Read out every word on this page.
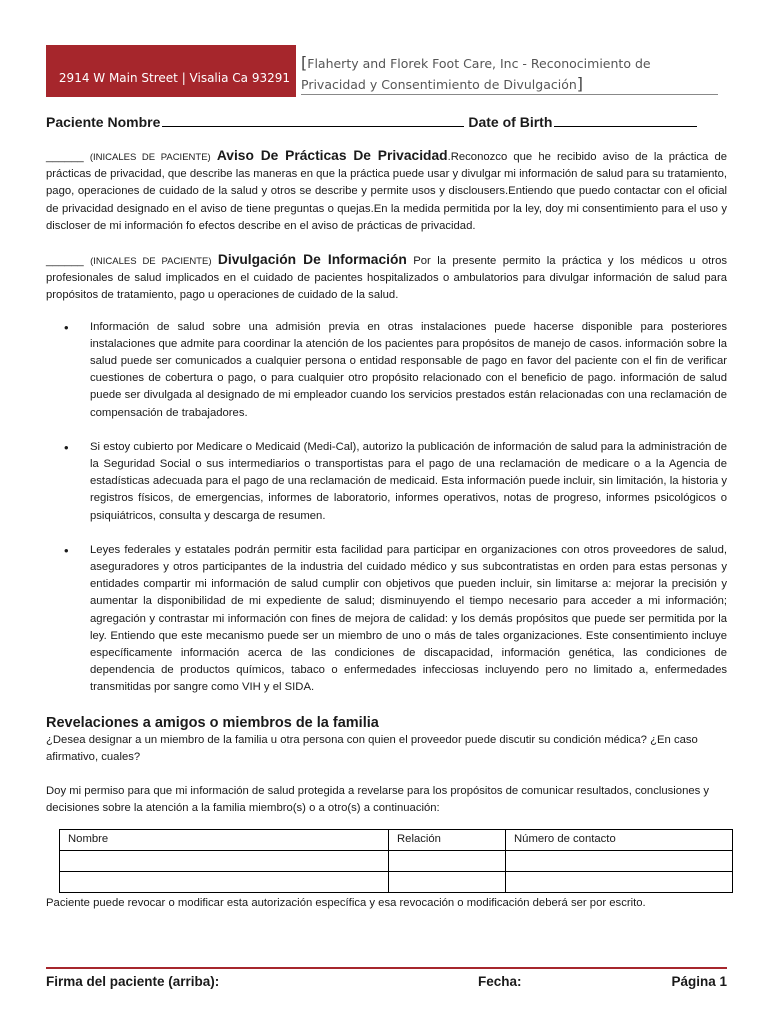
2914 W Main Street | Visalia Ca 93291
[Flaherty and Florek Foot Care, Inc - Reconocimiento de
Privacidad y Consentimiento de Divulgación]
Paciente Nombre	Date of Birth

______ (INICALES DE PACIENTE) Aviso De Prácticas De Privacidad.Reconozco que he recibido aviso de la práctica de prácticas de privacidad, que describe las maneras en que la práctica puede usar y divulgar mi información de salud para su tratamiento, pago, operaciones de cuidado de la salud y otros se describe y permite usos y disclousers.Entiendo que puedo contactar con el oficial de privacidad designado en el aviso de tiene preguntas o quejas.En la medida permitida por la ley, doy mi consentimiento para el uso y discloser de mi información fo efectos describe en el aviso de prácticas de privacidad.

______ (INICALES DE PACIENTE) Divulgación De Información Por la presente permito la práctica y los médicos u otros profesionales de salud implicados en el cuidado de pacientes hospitalizados o ambulatorios para divulgar información de salud para propósitos de tratamiento, pago u operaciones de cuidado de la salud.

•	Información de salud sobre una admisión previa en otras instalaciones puede hacerse disponible para posteriores instalaciones que admite para coordinar la atención de los pacientes para propósitos de manejo de casos. información sobre la salud puede ser comunicados a cualquier persona o entidad responsable de pago en favor del paciente con el fin de verificar cuestiones de cobertura o pago, o para cualquier otro propósito relacionado con el beneficio de pago. información de salud puede ser divulgada al designado de mi empleador cuando los servicios prestados están relacionadas con una reclamación de compensación de trabajadores.
•	Si estoy cubierto por Medicare o Medicaid (Medi-Cal), autorizo la publicación de información de salud para la administración de la Seguridad Social o sus intermediarios o transportistas para el pago de una reclamación de medicare o a la Agencia de estadísticas adecuada para el pago de una reclamación de medicaid. Esta información puede incluir, sin limitación, la historia y registros físicos, de emergencias, informes de laboratorio, informes operativos, notas de progreso, informes psicológicos o psiquiátricos, consulta y descarga de resumen.
•	Leyes federales y estatales podrán permitir esta facilidad para participar en organizaciones con otros proveedores de salud, aseguradores y otros participantes de la industria del cuidado médico y sus subcontratistas en orden para estas personas y entidades compartir mi información de salud cumplir con objetivos que pueden incluir, sin limitarse a: mejorar la precisión y aumentar la disponibilidad de mi expediente de salud; disminuyendo el tiempo necesario para acceder a mi información; agregación y contrastar mi información con fines de mejora de calidad: y los demás propósitos que puede ser permitida por la ley. Entiendo que este mecanismo puede ser un miembro de uno o más de tales organizaciones. Este consentimiento incluye específicamente información acerca de las condiciones de discapacidad, información genética, las condiciones de dependencia de productos químicos, tabaco o enfermedades infecciosas incluyendo pero no limitado a, enfermedades transmitidas por sangre como VIH y el SIDA.
Revelaciones a amigos o miembros de la familia

¿Desea designar a un miembro de la familia u otra persona con quien el proveedor puede discutir su condición médica? ¿En caso afirmativo, cuales?

Doy mi permiso para que mi información de salud protegida a revelarse para los propósitos de comunicar resultados, conclusiones y decisiones sobre la atención a la familia miembro(s) o a otro(s) a continuación:

Nombre	Relación	Número de contacto

Paciente puede revocar o modificar esta autorización específica y esa revocación o modificación deberá ser por escrito.

Firma del paciente (arriba):	Fecha:	Página 1
